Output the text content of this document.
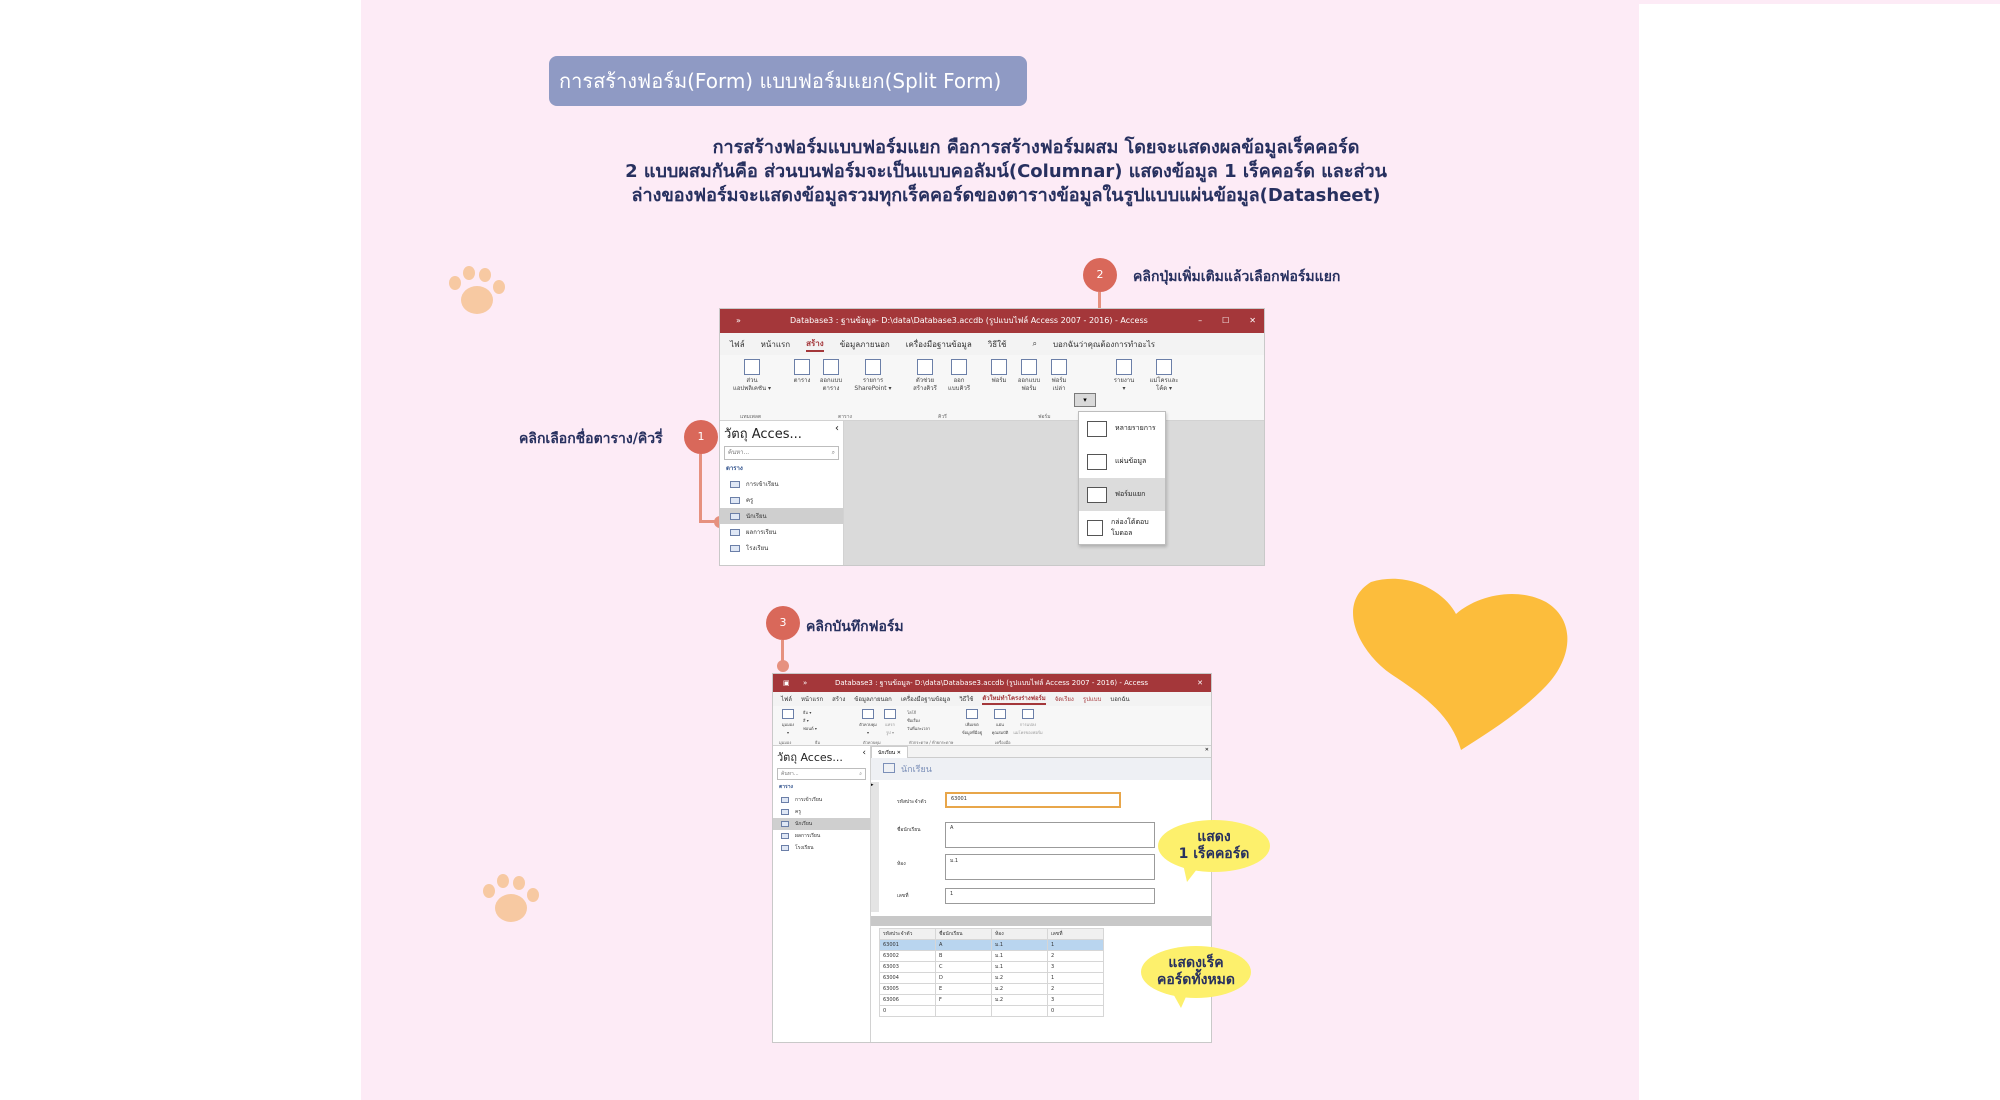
การสร้างฟอร์ม(Form) แบบฟอร์มแยก(Split Form)
การสร้างฟอร์มแบบฟอร์มแยก คือการสร้างฟอร์มผสม โดยจะแสดงผลข้อมูลเร็คคอร์ด
2 แบบผสมกันคือ ส่วนบนฟอร์มจะเป็นแบบคอลัมน์(Columnar) แสดงข้อมูล 1 เร็คคอร์ด และส่วน
ล่างของฟอร์มจะแสดงข้อมูลรวมทุกเร็คคอร์ดของตารางข้อมูลในรูปแบบแผ่นข้อมูล(Datasheet)
2	คลิกปุ่มเพิ่มเติมแล้วเลือกฟอร์มแยก
คลิกเลือกชื่อตาราง/คิวรี่	1
»	Database3 : ฐานข้อมูล- D:\data\Database3.accdb (รูปแบบไฟล์ Access 2007 - 2016) - Access	–	☐	✕
ไฟล์ หน้าแรก สร้าง ข้อมูลภายนอก เครื่องมือฐานข้อมูล วิธีใช้	⌕ บอกฉันว่าคุณต้องการทำอะไร
ส่วน
แอปพลิเคชัน ▾
ตาราง	ออกแบบ
ตาราง
รายการ
SharePoint ▾
ตัวช่วย
สร้างคิวรี
ออก
แบบคิวรี
ฟอร์ม	ออกแบบ
ฟอร์ม
ฟอร์ม
เปล่า
▾
รายงาน
▾
แม่โครและ
โค้ด ▾
แทมเพลต	ตาราง	คิวรี	ฟอร์ม
วัตถุ Acces...	‹
ค้นหา...	⌕
ตาราง
การเข้าเรียน
ครู
นักเรียน
ผลการเรียน
โรงเรียน
หลายรายการ
แผ่นข้อมูล
ฟอร์มแยก
กล่องโต้ตอบโมดอล
3	คลิกบันทึกฟอร์ม
▣ »	Database3 : ฐานข้อมูล- D:\data\Database3.accdb (รูปแบบไฟล์ Access 2007 - 2016) - Access	✕
ไฟล์ หน้าแรก สร้าง ข้อมูลภายนอก เครื่องมือฐานข้อมูล วิธีใช้ ตัวใหม่ทำโครงร่างฟอร์ม จัดเรียง รูปแบบ บอกฉัน
มุมมอง
▾
ธีม ▾
สี ▾
ฟอนต์ ▾
ตัวควบคุม
▾
แทรก
รูป ▾
โลโก้
ชื่อเรื่อง
วันที่และเวลา
เพิ่มเขต
ข้อมูลที่มีอยู่
แผ่น
คุณสมบัติ
การแปลง
แมโครของฟอร์ม
มุมมอง	ธีม	ตัวควบคุม	หัวกระดาษ / ท้ายกระดาษ	เครื่องมือ
วัตถุ Acces... ‹
ค้นหา...	⌕
ตาราง
การเข้าเรียน
ครู
นักเรียน
ผลการเรียน
โรงเรียน
นักเรียน ✕	✕
นักเรียน
▸
รหัสประจำตัว	63001
ชื่อนักเรียน	A
ห้อง	ม.1
เลขที่	1
รหัสประจำตัว	ชื่อนักเรียน	ห้อง	เลขที่
63001	A	ม.1	1
63002	B	ม.1	2
63003	C	ม.1	3
63004	D	ม.2	1
63005	E	ม.2	2
63006	F	ม.2	3
0			0
แสดง
1 เร็คคอร์ด
แสดงเร็ค
คอร์ดทั้งหมด
